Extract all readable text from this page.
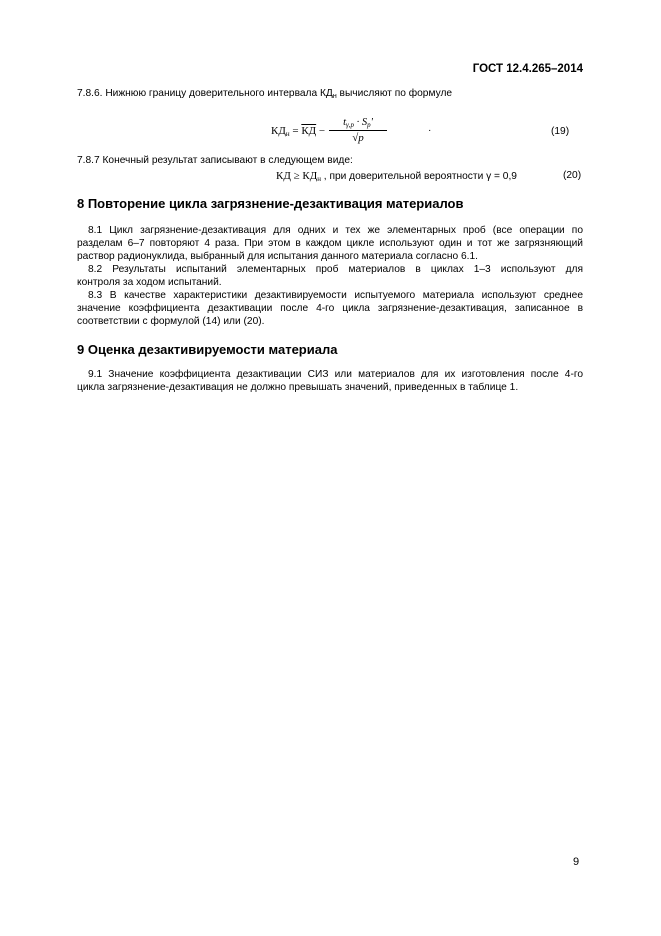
ГОСТ 12.4.265–2014
7.8.6. Нижнюю границу доверительного интервала $КД_н$ вычисляют по формуле
$КД_н$ = КД −
$t_{\gamma,p} \cdot S_p'$
√p
·	(19)
7.8.7 Конечный результат записывают в следующем виде:
КД ≥ $КД_н$ , при доверительной вероятности γ = 0,9	(20)
8 Повторение цикла загрязнение-дезактивация материалов
8.1 Цикл загрязнение-дезактивация для одних и тех же элементарных проб (все операции по
разделам 6–7 повторяют 4 раза. При этом в каждом цикле используют один и тот же загрязняющий
раствор радионуклида, выбранный для испытания данного материала согласно 6.1.
8.2 Результаты испытаний элементарных проб материалов в циклах 1–3 используют для
контроля за ходом испытаний.
8.3 В качестве характеристики дезактивируемости испытуемого материала используют среднее
значение коэффициента дезактивации после 4-го цикла загрязнение-дезактивация, записанное в
соответствии с формулой (14) или (20).
9 Оценка дезактивируемости материала
9.1 Значение коэффициента дезактивации СИЗ или материалов для их изготовления после 4-го
цикла загрязнение-дезактивация не должно превышать значений, приведенных в таблице 1.
9
